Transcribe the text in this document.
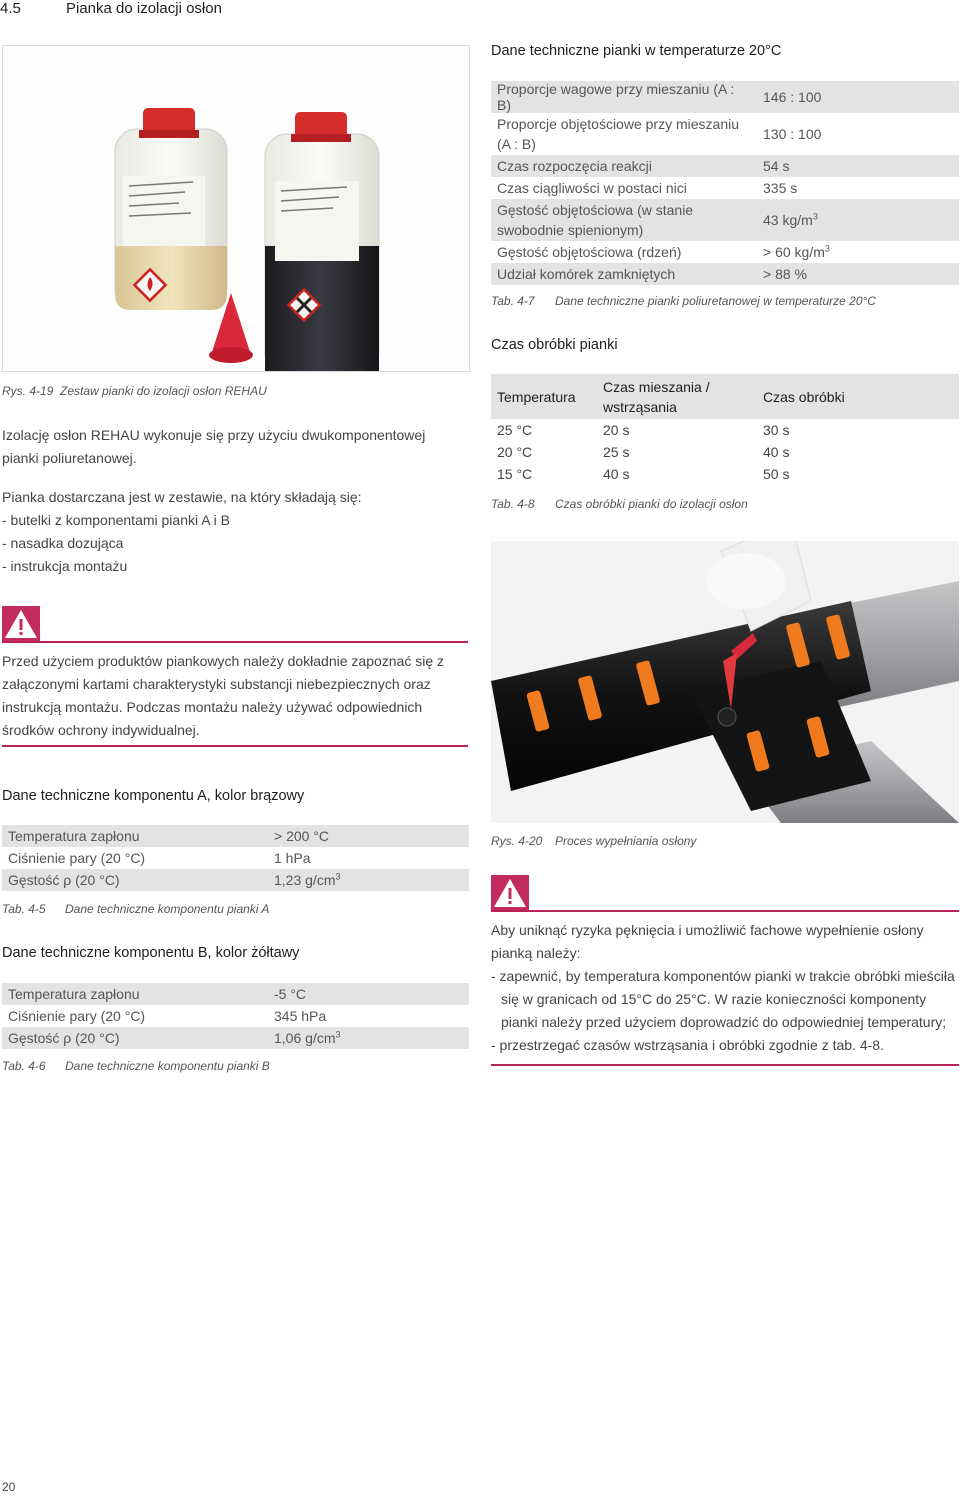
4.5	Pianka do izolacji osłon
Rys. 4-19 Zestaw pianki do izolacji osłon REHAU

Izolację osłon REHAU wykonuje się przy użyciu dwukomponentowej pianki poliuretanowej.

Pianka dostarczana jest w zestawie, na który składają się:
- butelki z komponentami pianki A i B
- nasadka dozująca
- instrukcja montażu
Przed użyciem produktów piankowych należy dokładnie zapoznać się z załączonymi kartami charakterystyki substancji niebezpiecznych oraz instrukcją montażu. Podczas montażu należy używać odpowiednich środków ochrony indywidualnej.
Dane techniczne pianki w temperaturze 20°C
Proporcje wagowe przy mieszaniu (A : B)	146 : 100
Proporcje objętościowe przy mieszaniu (A : B)	130 : 100
Czas rozpoczęcia reakcji	54 s
Czas ciągliwości w postaci nici	335 s
Gęstość objętościowa (w stanie swobodnie spienionym)	43 $kg/m^3$
Gęstość objętościowa (rdzeń)	> 60 $kg/m^3$
Udział komórek zamkniętych	> 88 %
Tab. 4-7 Dane techniczne pianki poliuretanowej w temperaturze 20°C
Czas obróbki pianki
Temperatura	Czas mieszania / wstrząsania	Czas obróbki
25 °C	20 s	30 s
20 °C	25 s	40 s
15 °C	40 s	50 s
Tab. 4-8 Czas obróbki pianki do izolacji osłon
Rys. 4-20 Proces wypełniania osłony
Aby uniknąć ryzyka pęknięcia i umożliwić fachowe wypełnienie osłony pianką należy:
- zapewnić, by temperatura komponentów pianki w trakcie obróbki mieściła się w granicach od 15°C do 25°C. W razie konieczności komponenty pianki należy przed użyciem doprowadzić do odpowiedniej temperatury;
- przestrzegać czasów wstrząsania i obróbki zgodnie z tab. 4-8.
Dane techniczne komponentu A, kolor brązowy
Temperatura zapłonu	> 200 °C
Ciśnienie pary (20 °C)	1 hPa
Gęstość ρ (20 °C)	1,23 $g/cm^3$
Tab. 4-5 Dane techniczne komponentu pianki A
Dane techniczne komponentu B, kolor żółtawy
Temperatura zapłonu	-5 °C
Ciśnienie pary (20 °C)	345 hPa
Gęstość ρ (20 °C)	1,06 $g/cm^3$
Tab. 4-6 Dane techniczne komponentu pianki B
20
